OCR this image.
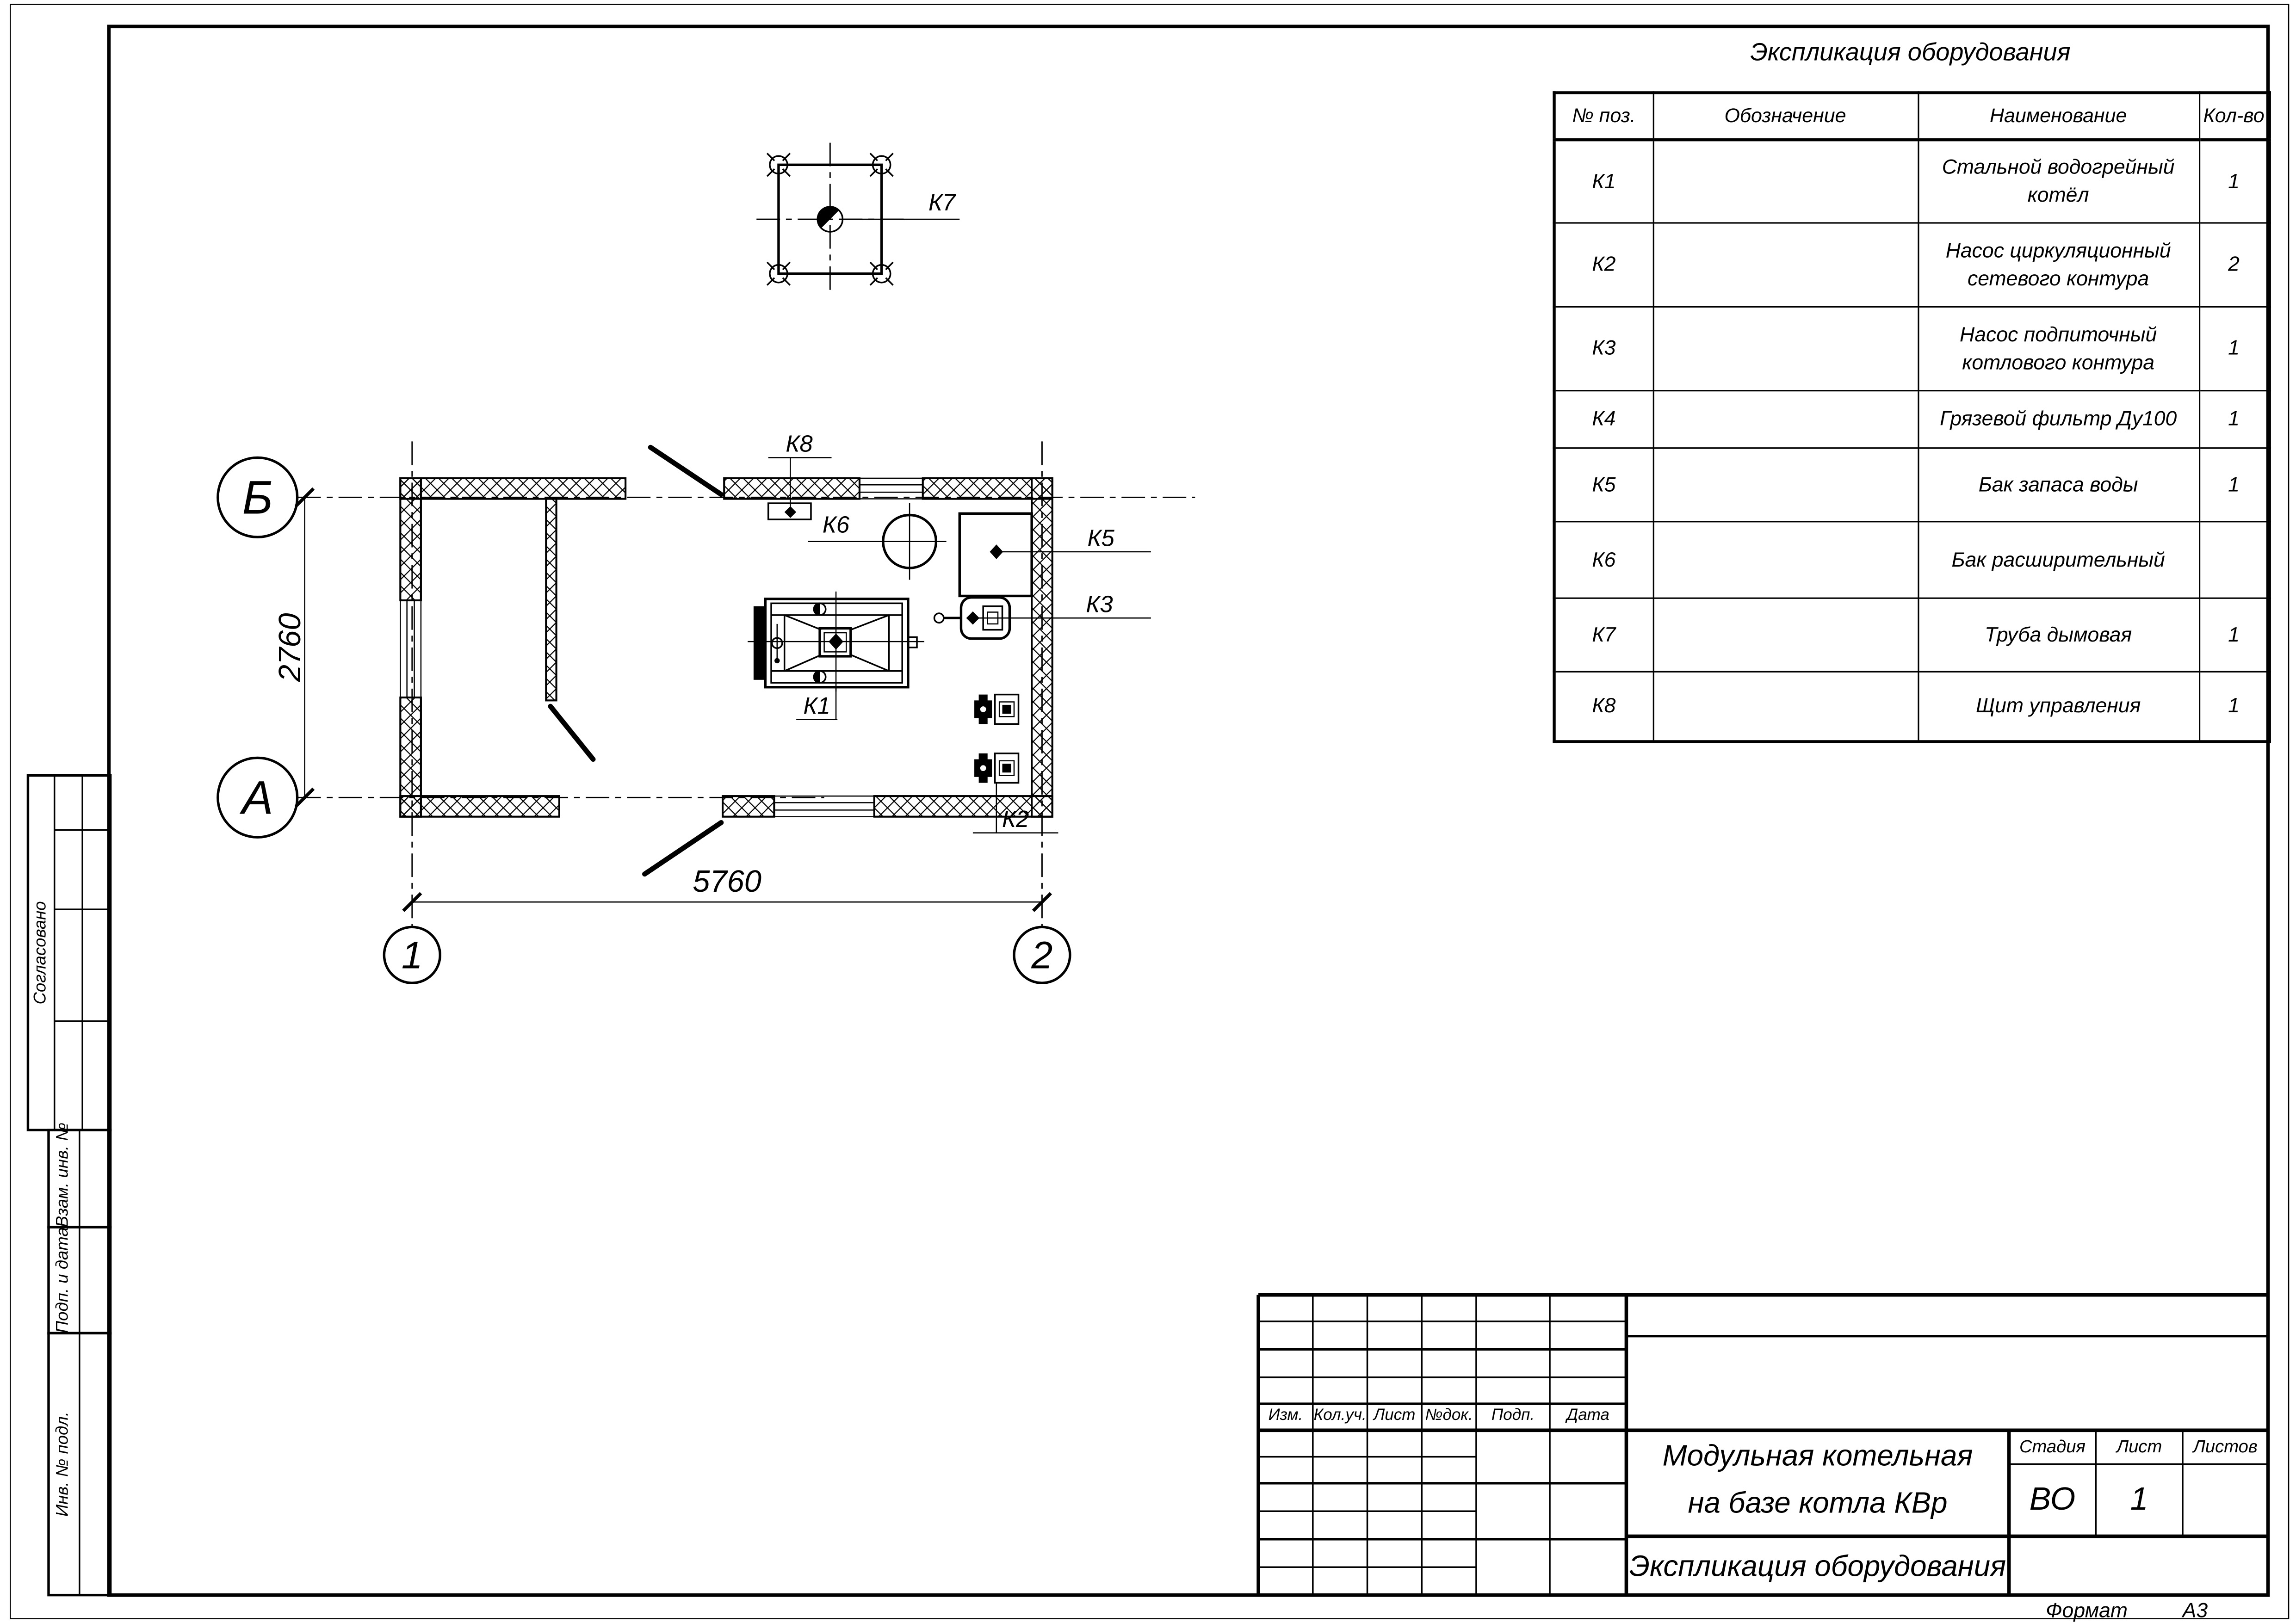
Б
А
1	2
2760
5760
К7
К1
К2
К3
К5
К6
К8
Экспликация оборудования
№ поз.	Обозначение	Наименование	Кол-во
К1		Стальной водогрейный котёл	1
К2		Насос циркуляционный сетевого контура	2
К3		Насос подпиточный котлового контура	1
К4		Грязевой фильтр Ду100	1
К5		Бак запаса воды	1
К6		Бак расширительный	
К7		Труба дымовая	1
К8		Щит управления	1
Изм.	Кол.уч.	Лист	№док.	Подп.	Дата
Модульная котельная
на базе котла КВр
Экспликация оборудования
Стадия	Лист	Листов
ВО	1
Формат	А3
Согласовано
Взам. инв. №
Подп. и дата
Инв. № подл.
